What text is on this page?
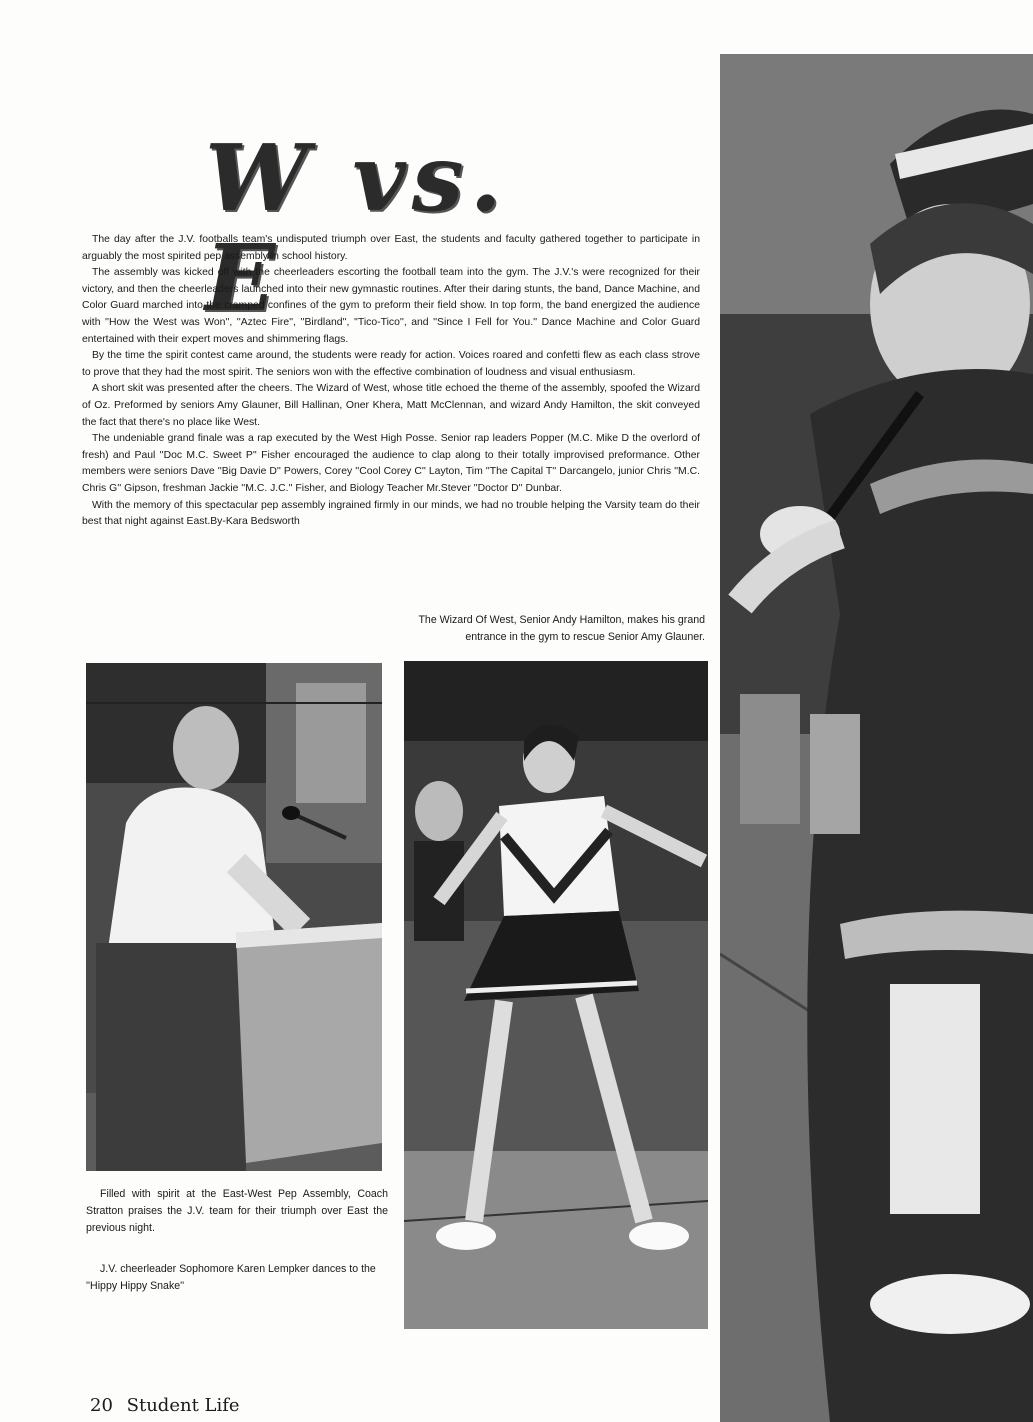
W vs. E

The day after the J.V. footballs team's undisputed triumph over East, the students and faculty gathered together to participate in arguably the most spirited pep assembly in school history.

The assembly was kicked off with the cheerleaders escorting the football team into the gym. The J.V.'s were recognized for their victory, and then the cheerleaders launched into their new gymnastic routines. After their daring stunts, the band, Dance Machine, and Color Guard marched into the cramped confines of the gym to preform their field show. In top form, the band energized the audience with ''How the West was Won'', ''Aztec Fire'', ''Birdland'', ''Tico-Tico'', and ''Since I Fell for You.'' Dance Machine and Color Guard entertained with their expert moves and shimmering flags.

By the time the spirit contest came around, the students were ready for action. Voices roared and confetti flew as each class strove to prove that they had the most spirit. The seniors won with the effective combination of loudness and visual enthusiasm.

A short skit was presented after the cheers. The Wizard of West, whose title echoed the theme of the assembly, spoofed the Wizard of Oz. Preformed by seniors Amy Glauner, Bill Hallinan, Oner Khera, Matt McClennan, and wizard Andy Hamilton, the skit conveyed the fact that there's no place like West.

The undeniable grand finale was a rap executed by the West High Posse. Senior rap leaders Popper (M.C. Mike D the overlord of fresh) and Paul ''Doc M.C. Sweet P'' Fisher encouraged the audience to clap along to their totally improvised preformance. Other members were seniors Dave ''Big Davie D'' Powers, Corey ''Cool Corey C'' Layton, Tim ''The Capital T'' Darcangelo, junior Chris ''M.C. Chris G'' Gipson, freshman Jackie ''M.C. J.C.'' Fisher, and Biology Teacher Mr.Stever ''Doctor D'' Dunbar.

With the memory of this spectacular pep assembly ingrained firmly in our minds, we had no trouble helping the Varsity team do their best that night against East.By-Kara Bedsworth

The Wizard Of West, Senior Andy Hamilton, makes his grand entrance in the gym to rescue Senior Amy Glauner.

Filled with spirit at the East-West Pep Assembly, Coach Stratton praises the J.V. team for their triumph over East the previous night.

J.V. cheerleader Sophomore Karen Lempker dances to the ''Hippy Hippy Snake''

20 Student Life
